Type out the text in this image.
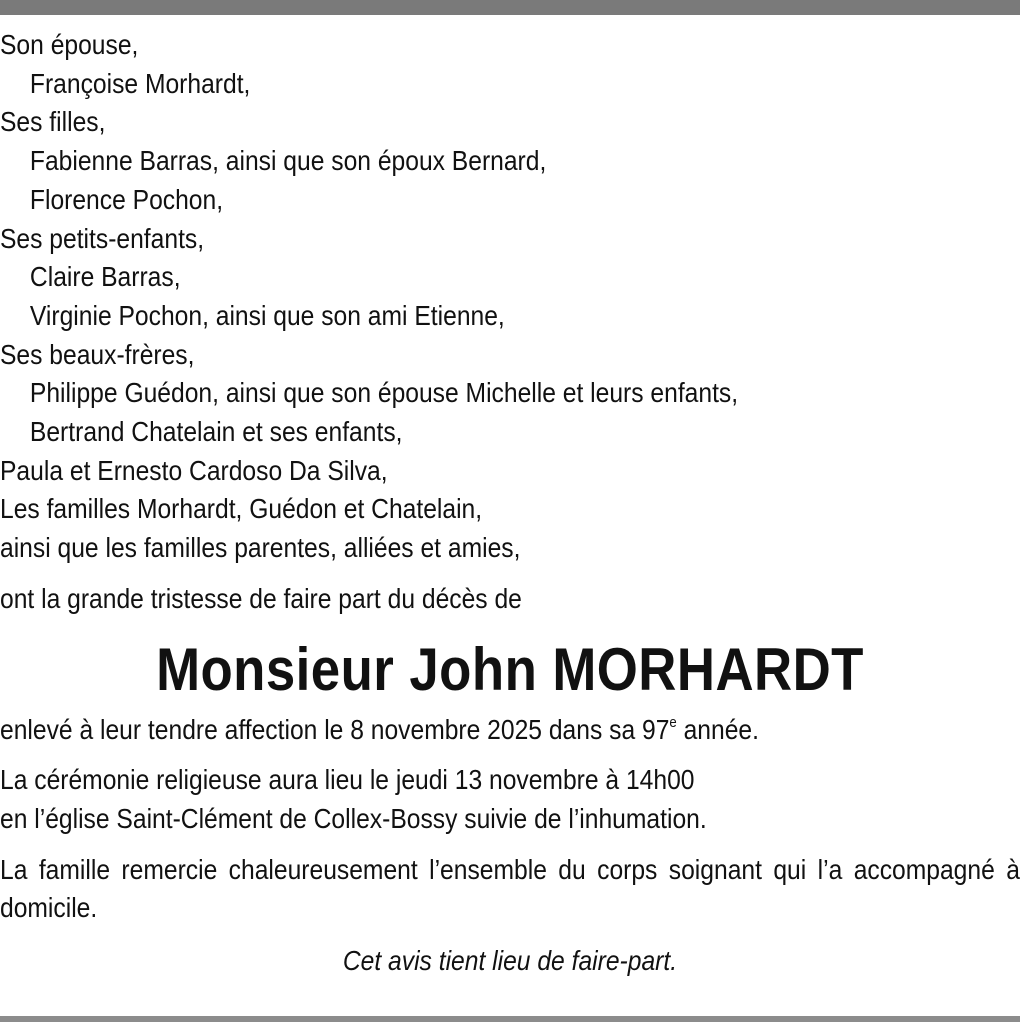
Son épouse,
Françoise Morhardt,
Ses filles,
Fabienne Barras, ainsi que son époux Bernard,
Florence Pochon,
Ses petits-enfants,
Claire Barras,
Virginie Pochon, ainsi que son ami Etienne,
Ses beaux-frères,
Philippe Guédon, ainsi que son épouse Michelle et leurs enfants,
Bertrand Chatelain et ses enfants,
Paula et Ernesto Cardoso Da Silva,
Les familles Morhardt, Guédon et Chatelain,
ainsi que les familles parentes, alliées et amies,
ont la grande tristesse de faire part du décès de
Monsieur John MORHARDT
enlevé à leur tendre affection le 8 novembre 2025 dans sa 97e année.
La cérémonie religieuse aura lieu le jeudi 13 novembre à 14h00
en l’église Saint-Clément de Collex-Bossy suivie de l’inhumation.
La famille remercie chaleureusement l’ensemble du corps soignant qui l’a accompagné à domicile.
Cet avis tient lieu de faire-part.
